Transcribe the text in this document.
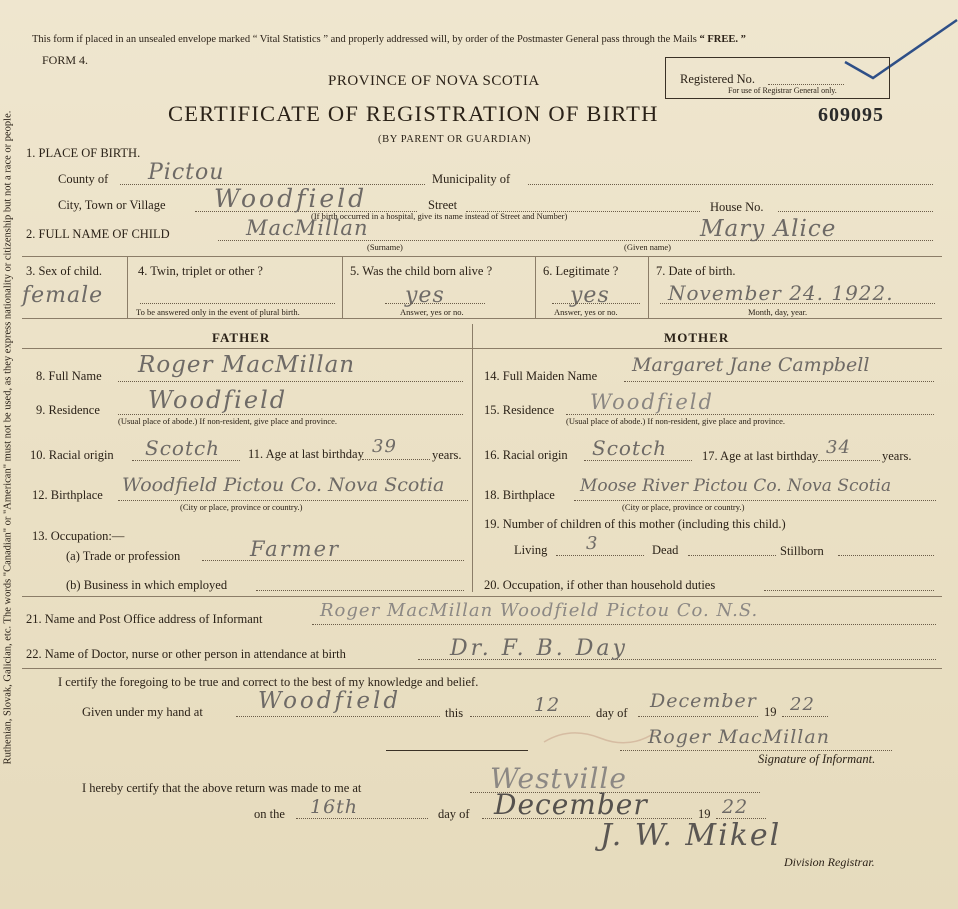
Ruthenian, Slovak, Galician, etc. The words "Canadian" or "American" must not be used, as they express nationality or citizenship but not a race or people.
This form if placed in an unsealed envelope marked “ Vital Statistics ” and properly addressed will, by order of the Postmaster General pass through the Mails “ FREE. ”
FORM 4.
PROVINCE OF NOVA SCOTIA
CERTIFICATE OF REGISTRATION OF BIRTH
(BY PARENT OR GUARDIAN)
609095
Registered No.
For use of Registrar General only.
1. PLACE OF BIRTH.
County of Pictou	Municipality of
City, Town or Village Woodfield	Street	House No.
(If birth occurred in a hospital, give its name instead of Street and Number)
2. FULL NAME OF CHILD	MacMillan
(Surname)
Mary Alice
(Given name)
3. Sex of child.
female
4. Twin, triplet or other ?
To be answered only in the event of plural birth.
5. Was the child born alive ?
yes
Answer, yes or no.
6. Legitimate ?
yes
Answer, yes or no.
7. Date of birth.
November 24. 1922.
Month, day, year.
FATHER	MOTHER
8. Full Name Roger MacMillan
9. Residence Woodfield
(Usual place of abode.) If non-resident, give place and province.
10. Racial origin Scotch 11. Age at last birthday 39	years.
12. Birthplace Woodfield Pictou Co. Nova Scotia
(City or place, province or country.)
13. Occupation:—
(a) Trade or profession	Farmer
(b) Business in which employed
14. Full Maiden Name Margaret Jane Campbell
15. Residence Woodfield
(Usual place of abode.) If non-resident, give place and province.
16. Racial origin Scotch	17. Age at last birthday 34 years.
18. Birthplace Moose River Pictou Co. Nova Scotia
(City or place, province or country.)
19. Number of children of this mother (including this child.)
Living 3	Dead	Stillborn
20. Occupation, if other than household duties
21. Name and Post Office address of Informant	Roger MacMillan Woodfield Pictou Co. N.S.
22. Name of Doctor, nurse or other person in attendance at birth	Dr. F. B. Day
I certify the foregoing to be true and correct to the best of my knowledge and belief.
Given under my hand at Woodfield	this	12	day of
December 19 22
Roger MacMillan
Signature of Informant.
I hereby certify that the above return was made to me at	Westville
on the 16th	day of December	19 22
J. W. Mikel
Division Registrar.
